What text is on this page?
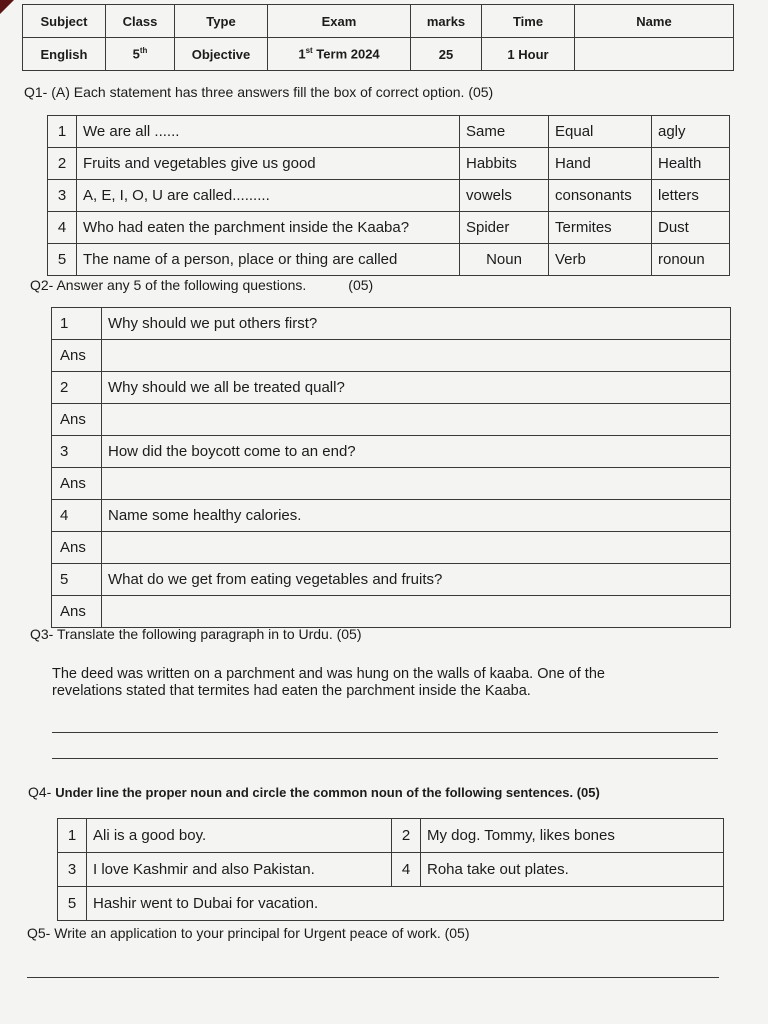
Subject	Class	Type	Exam	marks	Time	Name
English	5th	Objective	1st Term 2024	25	1 Hour	
Q1- (A) Each statement has three answers fill the box of correct option. (05)
1	We are all ......	Same	Equal	agly
2	Fruits and vegetables give us good	Habbits	Hand	Health
3	A, E, I, O, U are called.........	vowels	consonants	letters
4	Who had eaten the parchment inside the Kaaba?	Spider	Termites	Dust
5	The name of a person, place or thing are called	Noun	Verb	ronoun
Q2- Answer any 5 of the following questions.	(05)
1	Why should we put others first?
Ans	
2	Why should we all be treated quall?
Ans	
3	How did the boycott come to an end?
Ans	
4	Name some healthy calories.
Ans	
5	What do we get from eating vegetables and fruits?
Ans	
Q3- Translate the following paragraph in to Urdu. (05)
The deed was written on a parchment and was hung on the walls of kaaba. One of the
revelations stated that termites had eaten the parchment inside the Kaaba.
Q4- Under line the proper noun and circle the common noun of the following sentences. (05)
1	Ali is a good boy.	2	My dog. Tommy, likes bones
3	I love Kashmir and also Pakistan.	4	Roha take out plates.
5	Hashir went to Dubai for vacation.		
Q5- Write an application to your principal for Urgent peace of work. (05)
